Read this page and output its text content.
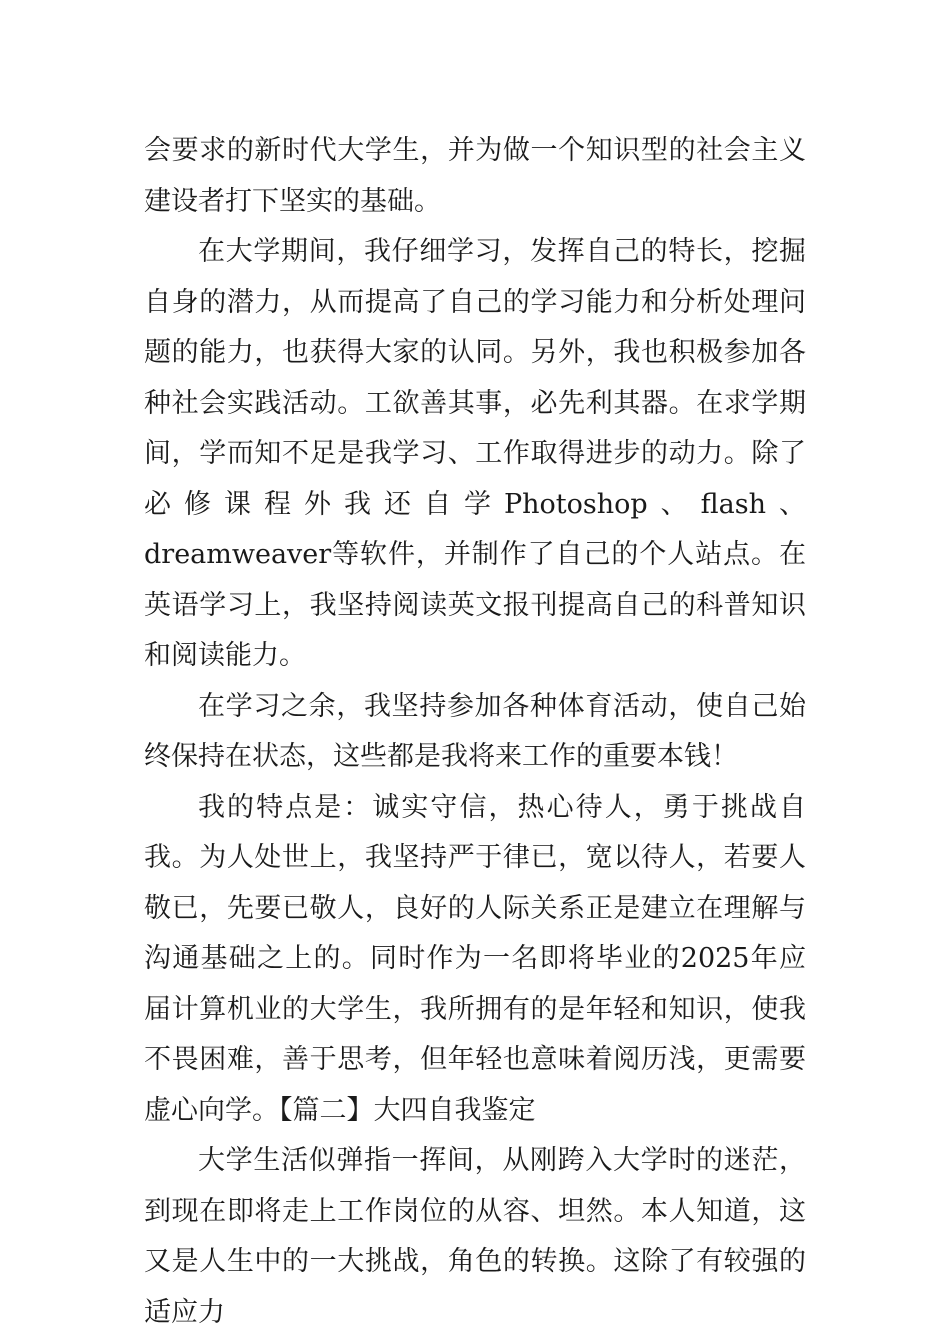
会要求的新时代大学生，并为做一个知识型的社会主义建设者打下坚实的基础。

在大学期间，我仔细学习，发挥自己的特长，挖掘自身的潜力，从而提高了自己的学习能力和分析处理问题的能力，也获得大家的认同。另外，我也积极参加各种社会实践活动。工欲善其事，必先利其器。在求学期间，学而知不足是我学习、工作取得进步的动力。除了必修课程外我还自学Photoshop、flash、dreamweaver等软件，并制作了自己的个人站点。在英语学习上，我坚持阅读英文报刊提高自己的科普知识和阅读能力。

在学习之余，我坚持参加各种体育活动，使自己始终保持在状态，这些都是我将来工作的重要本钱！

我的特点是：诚实守信，热心待人，勇于挑战自我。为人处世上，我坚持严于律已，宽以待人，若要人敬已，先要已敬人，良好的人际关系正是建立在理解与沟通基础之上的。同时作为一名即将毕业的2025年应届计算机业的大学生，我所拥有的是年轻和知识，使我不畏困难，善于思考，但年轻也意味着阅历浅，更需要虚心向学。【篇二】大四自我鉴定

大学生活似弹指一挥间，从刚跨入大学时的迷茫，到现在即将走上工作岗位的从容、坦然。本人知道，这又是人生中的一大挑战，角色的转换。这除了有较强的适应力
